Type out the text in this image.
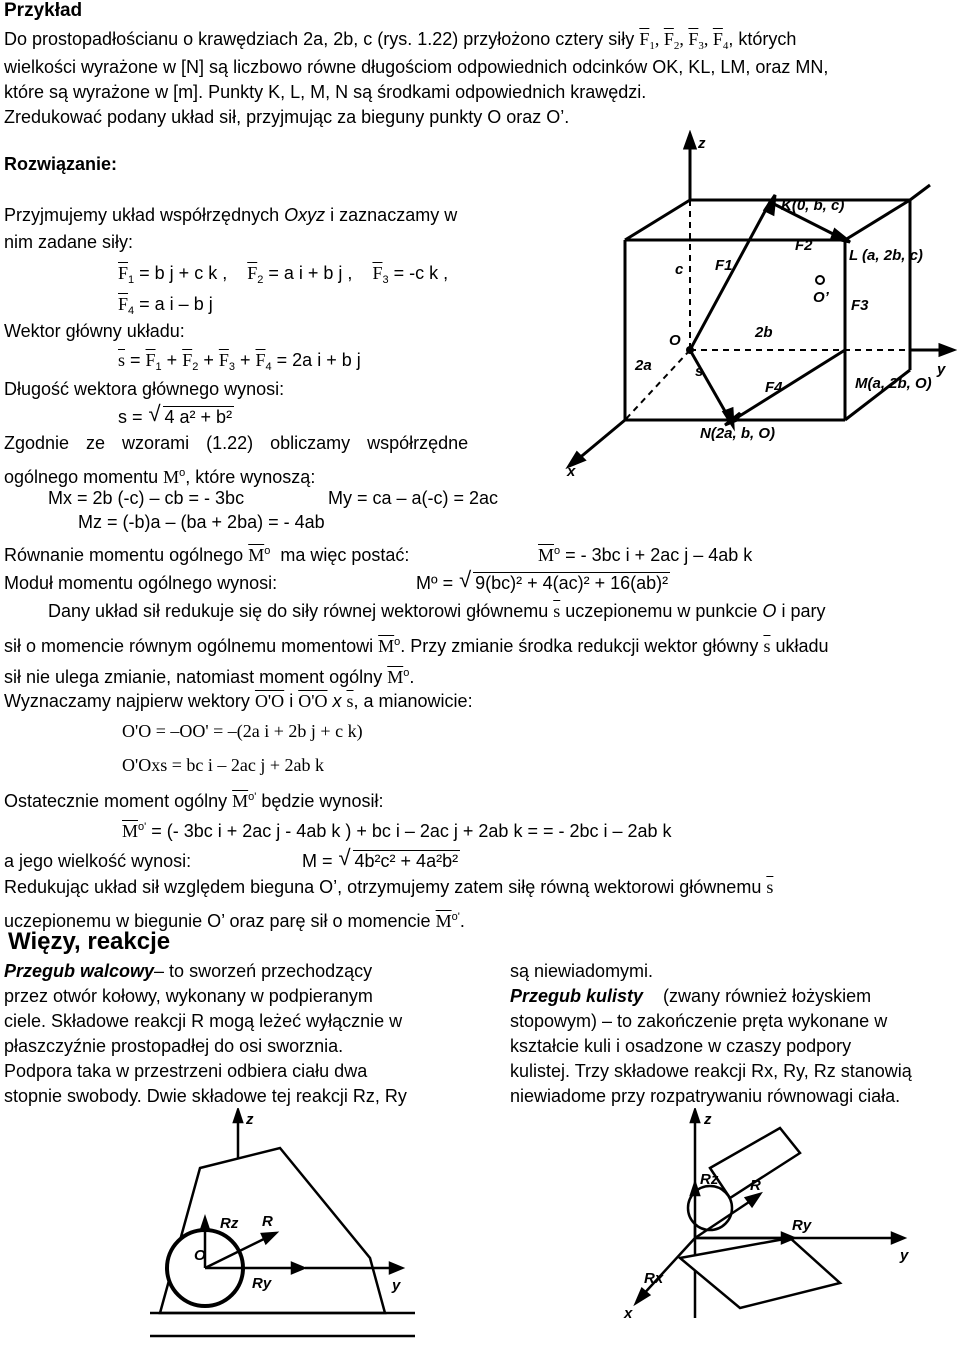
Przykład
Do prostopadłościanu o krawędziach 2a, 2b, c (rys. 1.22) przyłożono cztery siły $\overline{F}_1$, $\overline{F}_2$, $\overline{F}_3$, $\overline{F}_4$, których
wielkości wyrażone w [N] są liczbowo równe długościom odpowiednich odcinków OK, KL, LM, oraz MN,
które są wyrażone w [m]. Punkty K, L, M, N są środkami odpowiednich krawędzi.
Zredukować podany układ sił, przyjmując za bieguny punkty O oraz O’.
Rozwiązanie:
Przyjmujemy układ współrzędnych Oxyz i zaznaczamy w
nim zadane siły:
$\overline{F}_1 = b$ j + c k , $\overline{F}_2 = a$ i + b j , $\overline{F}_3 = -c$ k ,
$\overline{F}_4 = a$ i – b j
Wektor główny układu:
$\overline{s} = \overline{F}_1 + \overline{F}_2 + \overline{F}_3 + \overline{F}_4 = 2a$ i + b j
Długość wektora głównego wynosi:
s = √ 4 a² + b²
Zgodnie ze wzorami (1.22) obliczamy współrzędne
ogólnego momentu $M^o$, które wynoszą:
Mx = 2b (-c) – cb = - 3bc	My = ca – a(-c) = 2ac
Mz = (-b)a – (ba + 2ba) = - 4ab
Równanie momentu ogólnego $\overline{M}^o$ ma więc postać:	$\overline{M}^o$ = - 3bc i + 2ac j – 4ab k
Moduł momentu ogólnego wynosi:	Mº = √ 9(bc)² + 4(ac)² + 16(ab)²
Dany układ sił redukuje się do siły równej wektorowi głównemu $\overline{s}$ uczepionemu w punkcie O i pary
sił o momencie równym ogólnemu momentowi $\overline{M}^o$. Przy zmianie środka redukcji wektor główny $\overline{s}$ układu
sił nie ulega zmianie, natomiast moment ogólny $\overline{M}^o$.
Wyznaczamy najpierw wektory O'O i O'O x $\overline{s}$, a mianowicie:
O'O = –OO' = –(2a i + 2b j + c k)
O'Oxs = bc i – 2ac j + 2ab k
Ostatecznie moment ogólny $\overline{M}^{o'}$ będzie wynosił:
$\overline{M}^{o'}$ = (- 3bc i + 2ac j - 4ab k ) + bc i – 2ac j + 2ab k = = - 2bc i – 2ab k
a jego wielkość wynosi:	M = √ 4b²c² + 4a²b²
Redukując układ sił względem bieguna O’, otrzymujemy zatem siłę równą wektorowi głównemu $\overline{s}$
uczepionemu w biegunie O’ oraz parę sił o momencie $\overline{M}^{o'}$.
Więzy, reakcje
Przegub walcowy– to sworzeń przechodzący
przez otwór kołowy, wykonany w podpieranym
ciele. Składowe reakcji R mogą leżeć wyłącznie w
płaszczyźnie prostopadłej do osi sworznia.
Podpora taka w przestrzeni odbiera ciału dwa
stopnie swobody. Dwie składowe tej reakcji Rz, Ry
są niewiadomymi.
Przegub kulisty (zwany również łożyskiem
stopowym) – to zakończenie pręta wykonane w
kształcie kuli i osadzone w czaszy podpory
kulistej. Trzy składowe reakcji Rx, Ry, Rz stanowią
niewiadome przy rozpatrywaniu równowagi ciała.
z
y
x
K(0, b, c)
L (a, 2b, c)
M(a, 2b, O)
N(2a, b, O)
F1
F2
F3
F4
O
O’
c
2b
2a	s
z
Rz R
O
Ry	y
z
Rz R
Ry
y
Rx
x
